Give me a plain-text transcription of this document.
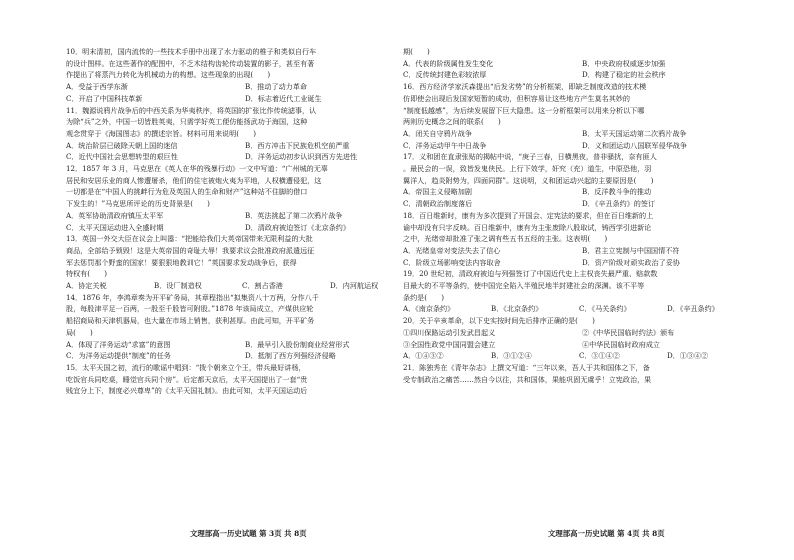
10．明末清初，国内流传的一些技术手册中出现了水力驱动的椎子和类似自行车

的设计图样。在这些著作的配图中，不乏木结构齿轮传动装置的影子，甚至有著

作提出了将蒸汽力转化为机械动力的构想。这些现象的出现(　　)

A．受益于西学东渐	B．推动了动力革命
C．开启了中国科技革新	D．标志着近代工业诞生

11．魏源说鸦片战争后的中西关系为华夷秩序，将英国的扩张比作传统滤事，认

为除“兵”之外，中国一切皆胜英夷，只需学好英工便仿能扬武功于海国，这种

观念贯穿于《海国图志》的撰述宗旨。材料可用来说明(　　)

A．统治阶层已破除天朝上国的迷信	B．西方冲击下民族危机空前严重
C．近代中国社会思想转型的艰巨性	D．洋务运动初步认识到西方先进性

12．1857 年 3 月，马克思在《英人在华的残暴行动》一文中写道：“广州城的无辜

居民和安居乐业的商人惨遭屠杀，他们的住宅被炮火夷为平地，人权横遭侵犯，这

一切都是在“中国人的挑衅行为危及英国人的生命和财产”这种站不住脚的借口

下发生的！”马克思所评论的历史背景是(　　)

A．英军协助清政府镇压太平军	B．英法挑起了第二次鸦片战争
C．太平天国运动进入全盛时期	D．清政府被迫签订《北京条约》

13．英国一外交大臣在议会上叫嚣：“把能给我们大英帝国带来无限利益的大批

商品，全部给予锁毁！这是大英帝国的奇耻大辱！我要求议会批准政府派遣远征

军去惩罚那个野蛮的国家！要狠狠地教训它！”英国要求发动战争后，获得

特权有(　　)

A．协定关税	B．设厂制造权	C．割占香港	D．内河航运权

14．1876 年，李鸿章奏为开平矿务局，其章程指出“拟集资八十万两，分作八千

股，每股津平足一百两，一股至千股皆可附股。”1878 年该局成立，产煤供应轮

船招商局和天津机器局，也大量在市场上销售，获利甚厚。由此可知，开平矿务

局(　　)

A．体现了洋务运动“求富”的意图	B．最早引入股份制商业经营形式
C．为洋务运动提供“制度”的任务	D．抵制了西方列强经济侵略

15．太平天国之初，流行的歌谣中唱到：“拨个朝来立个王，带兵最好讲杨，

吃饭官兵同吃桌，睡觉官兵同个房”。后定都天京后，太平天国提出了一套“贵

贱宜分上下，制度必兴尊卑”的《太平天国礼制》。由此可知，太平天国运动后

文理部高一历史试题 第 3页 共 8页

期(　　)

A．代表的阶级属性发生变化	B．中央政府权威逐步加强
C．反传统封建色彩较浓厚	D．构建了稳定的社会秩序

16．西方经济学家沃森提出“后发劣势”的分析框架，即缺乏制度改造的技术模

仿即使会出现后发国家短暂的成功，但积容易让这些地方产生莫名其妙的

“制度低越感”，为后续发展留下巨大隐患。这一分析框架可以用来分析以下哪

两则历史概念之间的联系(　　)

A．闭关自守鸦片战争	B．太平天国运动第二次鸦片战争
C．洋务运动甲午中日战争	D．义和团运动八国联军侵华战争

17．义和团在直隶张贴的揭帖中说，“庚子三春，日横黑夜，普非骚扰，奈有匪人

。最民会的一误，致皆发鬼侠民。上行下效学，奸究（充）道生，中原恐他，羽

翼洋人，趋炎附势为，四面同群”。这说明，义和团运动兴起的主要原因是(　　)

A．帝国主义侵略加剧	B．反洋教斗争的推动
C．清朝政治制度落后	D．《辛丑条约》的签订

18．百日维新时，康有为多次提到了开国会、定宪法的要求，但在百日维新的上

谕中却没有只字反映。百日维新中，康有为主张废除八股取试，铸西学引进新论

之中，光绪帝却批准了张之调有些五书五经的主张。这表明(　　)

A．光绪皇帝对变法失去了信心	B．君主立宪制与中国国情不符
C．阶级立场影响变法内容取舍	D．资产阶级对顽实政治了妥协

19．20 世纪初，清政府被迫与列强签订了中国近代史上主权丧失最严重、赔款数

目最大的不平等条约，使中国完全陷入半殖民地半封建社会的深渊。该不平等

条约是(　　)

A．《南京条约》	B．《北京条约》	C．《马关条约》	D．《辛丑条约》

20．关于辛亥革命，以下史实按时间先后排序正确的是(　　)

①四川保路运动引发武昌起义	②《中华民国临时约法》颁布
③全国性政党中国同盟会建立	④中华民国临时政府成立
A．①④③②	B．③①②④	C．③①④②	D．①③④②

21．陈独秀在《青年杂志》上撰文写道：“三年以来，吾人于共和国体之下，备

受专制政治之痛苦……然自今以往，共和国体，果能巩固无虞乎！立宪政治，果

文理部高一历史试题 第 4页 共 8页
